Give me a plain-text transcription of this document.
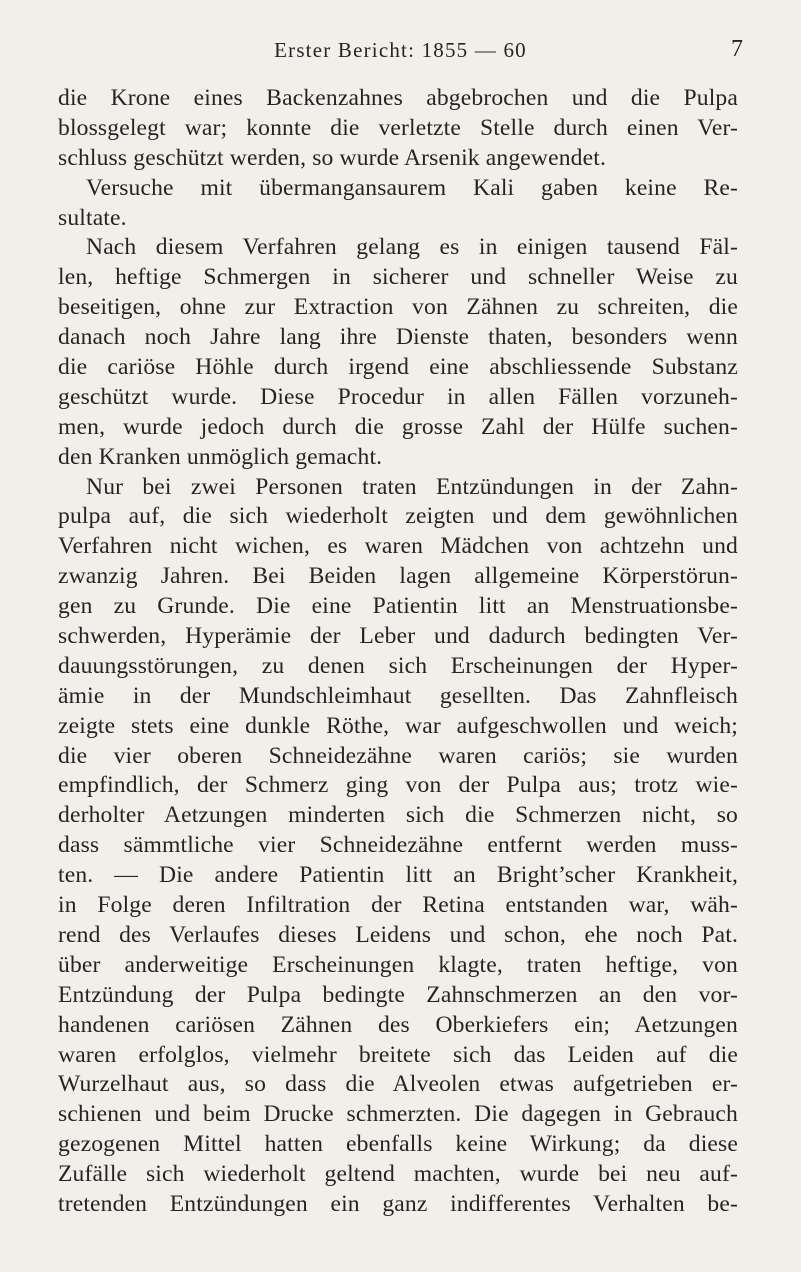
Erster Bericht: 1855 — 60	7
die Krone eines Backenzahnes abgebrochen und die Pulpa
blossgelegt war; konnte die verletzte Stelle durch einen Ver-
schluss geschützt werden, so wurde Arsenik angewendet.
Versuche mit übermangansaurem Kali gaben keine Re-
sultate.
Nach diesem Verfahren gelang es in einigen tausend Fäl-
len, heftige Schmergen in sicherer und schneller Weise zu
beseitigen, ohne zur Extraction von Zähnen zu schreiten, die
danach noch Jahre lang ihre Dienste thaten, besonders wenn
die cariöse Höhle durch irgend eine abschliessende Substanz
geschützt wurde. Diese Procedur in allen Fällen vorzuneh-
men, wurde jedoch durch die grosse Zahl der Hülfe suchen-
den Kranken unmöglich gemacht.
Nur bei zwei Personen traten Entzündungen in der Zahn-
pulpa auf, die sich wiederholt zeigten und dem gewöhnlichen
Verfahren nicht wichen, es waren Mädchen von achtzehn und
zwanzig Jahren. Bei Beiden lagen allgemeine Körperstörun-
gen zu Grunde. Die eine Patientin litt an Menstruationsbe-
schwerden, Hyperämie der Leber und dadurch bedingten Ver-
dauungsstörungen, zu denen sich Erscheinungen der Hyper-
ämie in der Mundschleimhaut gesellten. Das Zahnfleisch
zeigte stets eine dunkle Röthe, war aufgeschwollen und weich;
die vier oberen Schneidezähne waren cariös; sie wurden
empfindlich, der Schmerz ging von der Pulpa aus; trotz wie-
derholter Aetzungen minderten sich die Schmerzen nicht, so
dass sämmtliche vier Schneidezähne entfernt werden muss-
ten. — Die andere Patientin litt an Bright’scher Krankheit,
in Folge deren Infiltration der Retina entstanden war, wäh-
rend des Verlaufes dieses Leidens und schon, ehe noch Pat.
über anderweitige Erscheinungen klagte, traten heftige, von
Entzündung der Pulpa bedingte Zahnschmerzen an den vor-
handenen cariösen Zähnen des Oberkiefers ein; Aetzungen
waren erfolglos, vielmehr breitete sich das Leiden auf die
Wurzelhaut aus, so dass die Alveolen etwas aufgetrieben er-
schienen und beim Drucke schmerzten. Die dagegen in Gebrauch
gezogenen Mittel hatten ebenfalls keine Wirkung; da diese
Zufälle sich wiederholt geltend machten, wurde bei neu auf-
tretenden Entzündungen ein ganz indifferentes Verhalten be-
